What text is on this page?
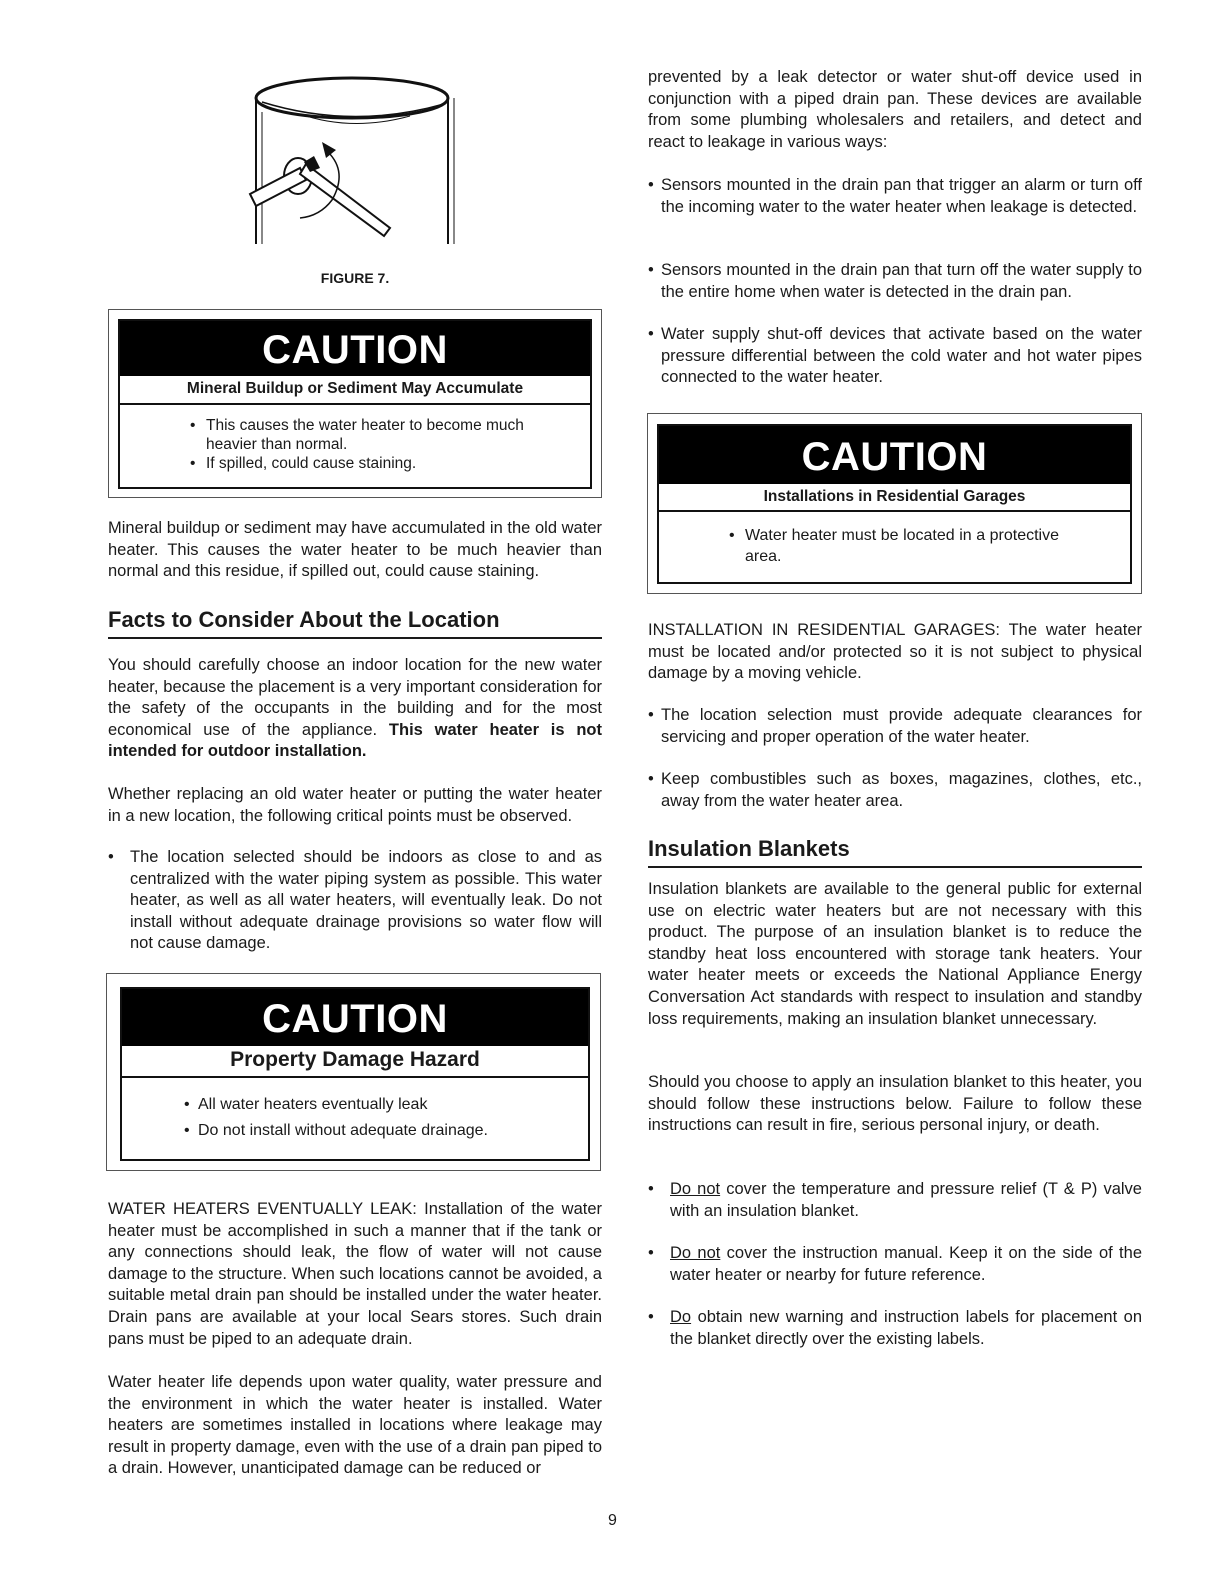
FIGURE 7.
CAUTION
Mineral Buildup or Sediment May Accumulate
• This causes the water heater to become much heavier than normal.
• If spilled, could cause staining.

Mineral buildup or sediment may have accumulated in the old water heater. This causes the water heater to be much heavier than normal and this residue, if spilled out, could cause staining.

Facts to Consider About the Location

You should carefully choose an indoor location for the new water heater, because the placement is a very important consideration for the safety of the occupants in the building and for the most economical use of the appliance. This water heater is not intended for outdoor installation.

Whether replacing an old water heater or putting the water heater in a new location, the following critical points must be observed.

• The location selected should be indoors as close to and as centralized with the water piping system as possible. This water heater, as well as all water heaters, will eventually leak. Do not install without adequate drainage provisions so water flow will not cause damage.
CAUTION
Property Damage Hazard
• All water heaters eventually leak
• Do not install without adequate drainage.

WATER HEATERS EVENTUALLY LEAK: Installation of the water heater must be accomplished in such a manner that if the tank or any connections should leak, the flow of water will not cause damage to the structure. When such locations cannot be avoided, a suitable metal drain pan should be installed under the water heater. Drain pans are available at your local Sears stores. Such drain pans must be piped to an adequate drain.

Water heater life depends upon water quality, water pressure and the environment in which the water heater is installed. Water heaters are sometimes installed in locations where leakage may result in property damage, even with the use of a drain pan piped to a drain. However, unanticipated damage can be reduced or

prevented by a leak detector or water shut-off device used in conjunction with a piped drain pan. These devices are available from some plumbing wholesalers and retailers, and detect and react to leakage in various ways:

• Sensors mounted in the drain pan that trigger an alarm or turn off the incoming water to the water heater when leakage is detected.
• Sensors mounted in the drain pan that turn off the water supply to the entire home when water is detected in the drain pan.
• Water supply shut-off devices that activate based on the water pressure differential between the cold water and hot water pipes connected to the water heater.
CAUTION
Installations in Residential Garages
• Water heater must be located in a protective area.

INSTALLATION IN RESIDENTIAL GARAGES: The water heater must be located and/or protected so it is not subject to physical damage by a moving vehicle.

• The location selection must provide adequate clearances for servicing and proper operation of the water heater.
• Keep combustibles such as boxes, magazines, clothes, etc., away from the water heater area.
Insulation Blankets

Insulation blankets are available to the general public for external use on electric water heaters but are not necessary with this product. The purpose of an insulation blanket is to reduce the standby heat loss encountered with storage tank heaters. Your water heater meets or exceeds the National Appliance Energy Conversation Act standards with respect to insulation and standby loss requirements, making an insulation blanket unnecessary.

Should you choose to apply an insulation blanket to this heater, you should follow these instructions below. Failure to follow these instructions can result in fire, serious personal injury, or death.

• Do not cover the temperature and pressure relief (T & P) valve with an insulation blanket.
• Do not cover the instruction manual. Keep it on the side of the water heater or nearby for future reference.
• Do obtain new warning and instruction labels for placement on the blanket directly over the existing labels.
9
